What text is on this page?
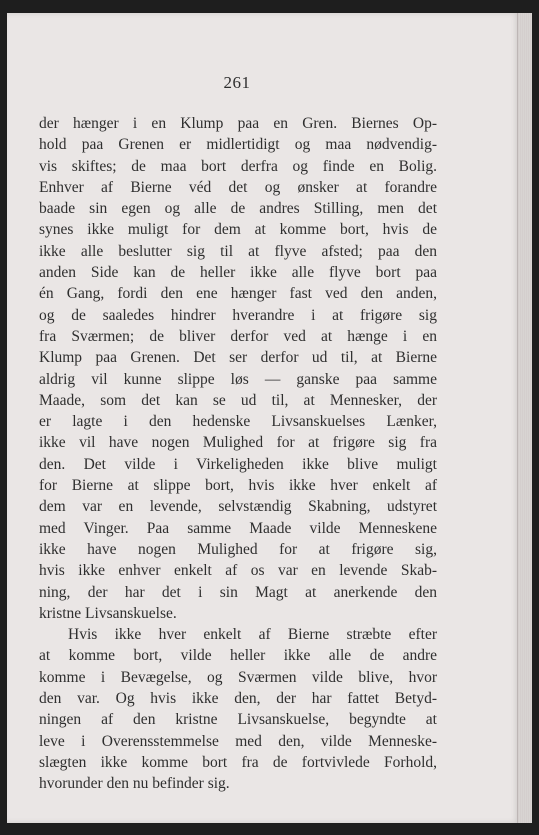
261
der hænger i en Klump paa en Gren. Biernes Op-
hold paa Grenen er midlertidigt og maa nødvendig-
vis skiftes; de maa bort derfra og finde en Bolig.
Enhver af Bierne véd det og ønsker at forandre
baade sin egen og alle de andres Stilling, men det
synes ikke muligt for dem at komme bort, hvis de
ikke alle beslutter sig til at flyve afsted; paa den
anden Side kan de heller ikke alle flyve bort paa
én Gang, fordi den ene hænger fast ved den anden,
og de saaledes hindrer hverandre i at frigøre sig
fra Sværmen; de bliver derfor ved at hænge i en
Klump paa Grenen. Det ser derfor ud til, at Bierne
aldrig vil kunne slippe løs — ganske paa samme
Maade, som det kan se ud til, at Mennesker, der
er lagte i den hedenske Livsanskuelses Lænker,
ikke vil have nogen Mulighed for at frigøre sig fra
den. Det vilde i Virkeligheden ikke blive muligt
for Bierne at slippe bort, hvis ikke hver enkelt af
dem var en levende, selvstændig Skabning, udstyret
med Vinger. Paa samme Maade vilde Menneskene
ikke have nogen Mulighed for at frigøre sig,
hvis ikke enhver enkelt af os var en levende Skab-
ning, der har det i sin Magt at anerkende den
kristne Livsanskuelse.
Hvis ikke hver enkelt af Bierne stræbte efter
at komme bort, vilde heller ikke alle de andre
komme i Bevægelse, og Sværmen vilde blive, hvor
den var. Og hvis ikke den, der har fattet Betyd-
ningen af den kristne Livsanskuelse, begyndte at
leve i Overensstemmelse med den, vilde Menneske-
slægten ikke komme bort fra de fortvivlede Forhold,
hvorunder den nu befinder sig.
